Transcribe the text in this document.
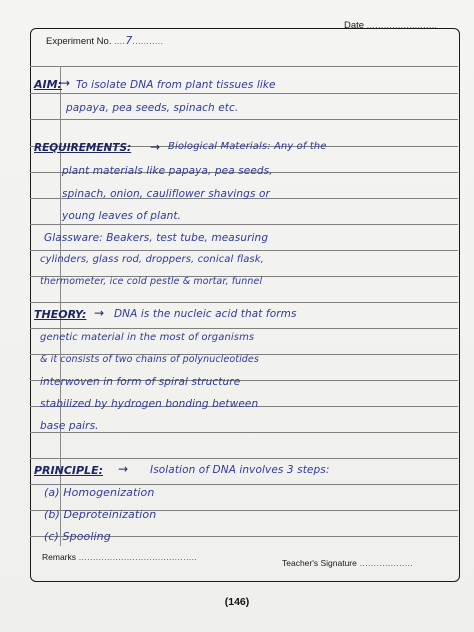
Experiment No. ....7...........
Date .........................
AIM:
→ To isolate DNA from plant tissues like
papaya, pea seeds, spinach etc.
REQUIREMENTS: → Biological Materials: Any of the
plant materials like papaya, pea seeds,
spinach, onion, cauliflower shavings or
young leaves of plant.
Glassware: Beakers, test tube, measuring
cylinders, glass rod, droppers, conical flask,
thermometer, ice cold pestle & mortar, funnel
THEORY: → DNA is the nucleic acid that forms
genetic material in the most of organisms
& it consists of two chains of polynucleotides
interwoven in form of spiral structure
stabilized by hydrogen bonding between
base pairs.
PRINCIPLE: → Isolation of DNA involves 3 steps:
(a) Homogenization
(b) Deproteinization
(c) Spooling
Remarks ..........................................
Teacher's Signature ...................
(146)
